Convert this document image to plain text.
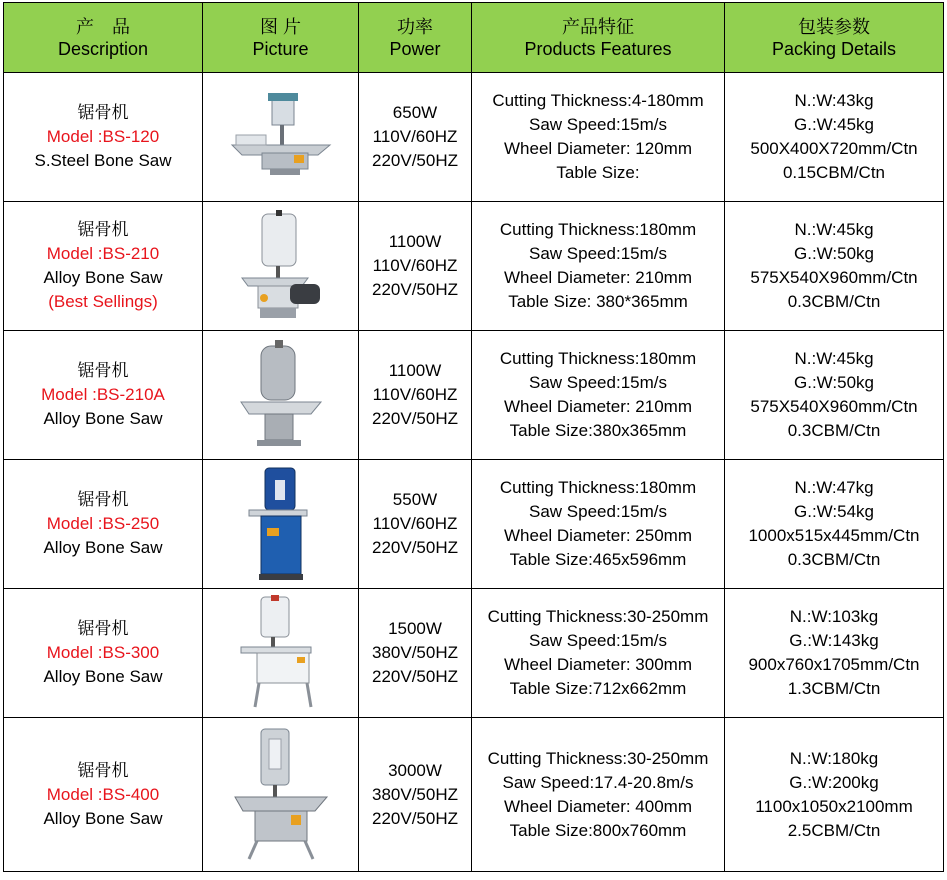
产　品
Description	图 片
Picture	功率
Power	产品特征
Products Features	包装参数
Packing Details

锯骨机
Model :BS-120
S.Steel Bone Saw		650W
110V/60HZ
220V/50HZ	Cutting Thickness:4-180mm
Saw Speed:15m/s
Wheel Diameter: 120mm
Table Size:	N.:W:43kg
G.:W:45kg
500X400X720mm/Ctn
0.15CBM/Ctn

锯骨机
Model :BS-210
Alloy Bone Saw
(Best Sellings)		1100W
110V/60HZ
220V/50HZ	Cutting Thickness:180mm
Saw Speed:15m/s
Wheel Diameter: 210mm
Table Size: 380*365mm	N.:W:45kg
G.:W:50kg
575X540X960mm/Ctn
0.3CBM/Ctn

锯骨机
Model :BS-210A
Alloy Bone Saw		1100W
110V/60HZ
220V/50HZ	Cutting Thickness:180mm
Saw Speed:15m/s
Wheel Diameter: 210mm
Table Size:380x365mm	N.:W:45kg
G.:W:50kg
575X540X960mm/Ctn
0.3CBM/Ctn

锯骨机
Model :BS-250
Alloy Bone Saw		550W
110V/60HZ
220V/50HZ	Cutting Thickness:180mm
Saw Speed:15m/s
Wheel Diameter: 250mm
Table Size:465x596mm	N.:W:47kg
G.:W:54kg
1000x515x445mm/Ctn
0.3CBM/Ctn

锯骨机
Model :BS-300
Alloy Bone Saw		1500W
380V/50HZ
220V/50HZ	Cutting Thickness:30-250mm
Saw Speed:15m/s
Wheel Diameter: 300mm
Table Size:712x662mm	N.:W:103kg
G.:W:143kg
900x760x1705mm/Ctn
1.3CBM/Ctn

锯骨机
Model :BS-400
Alloy Bone Saw		3000W
380V/50HZ
220V/50HZ	Cutting Thickness:30-250mm
Saw Speed:17.4-20.8m/s
Wheel Diameter: 400mm
Table Size:800x760mm	N.:W:180kg
G.:W:200kg
1100x1050x2100mm
2.5CBM/Ctn
